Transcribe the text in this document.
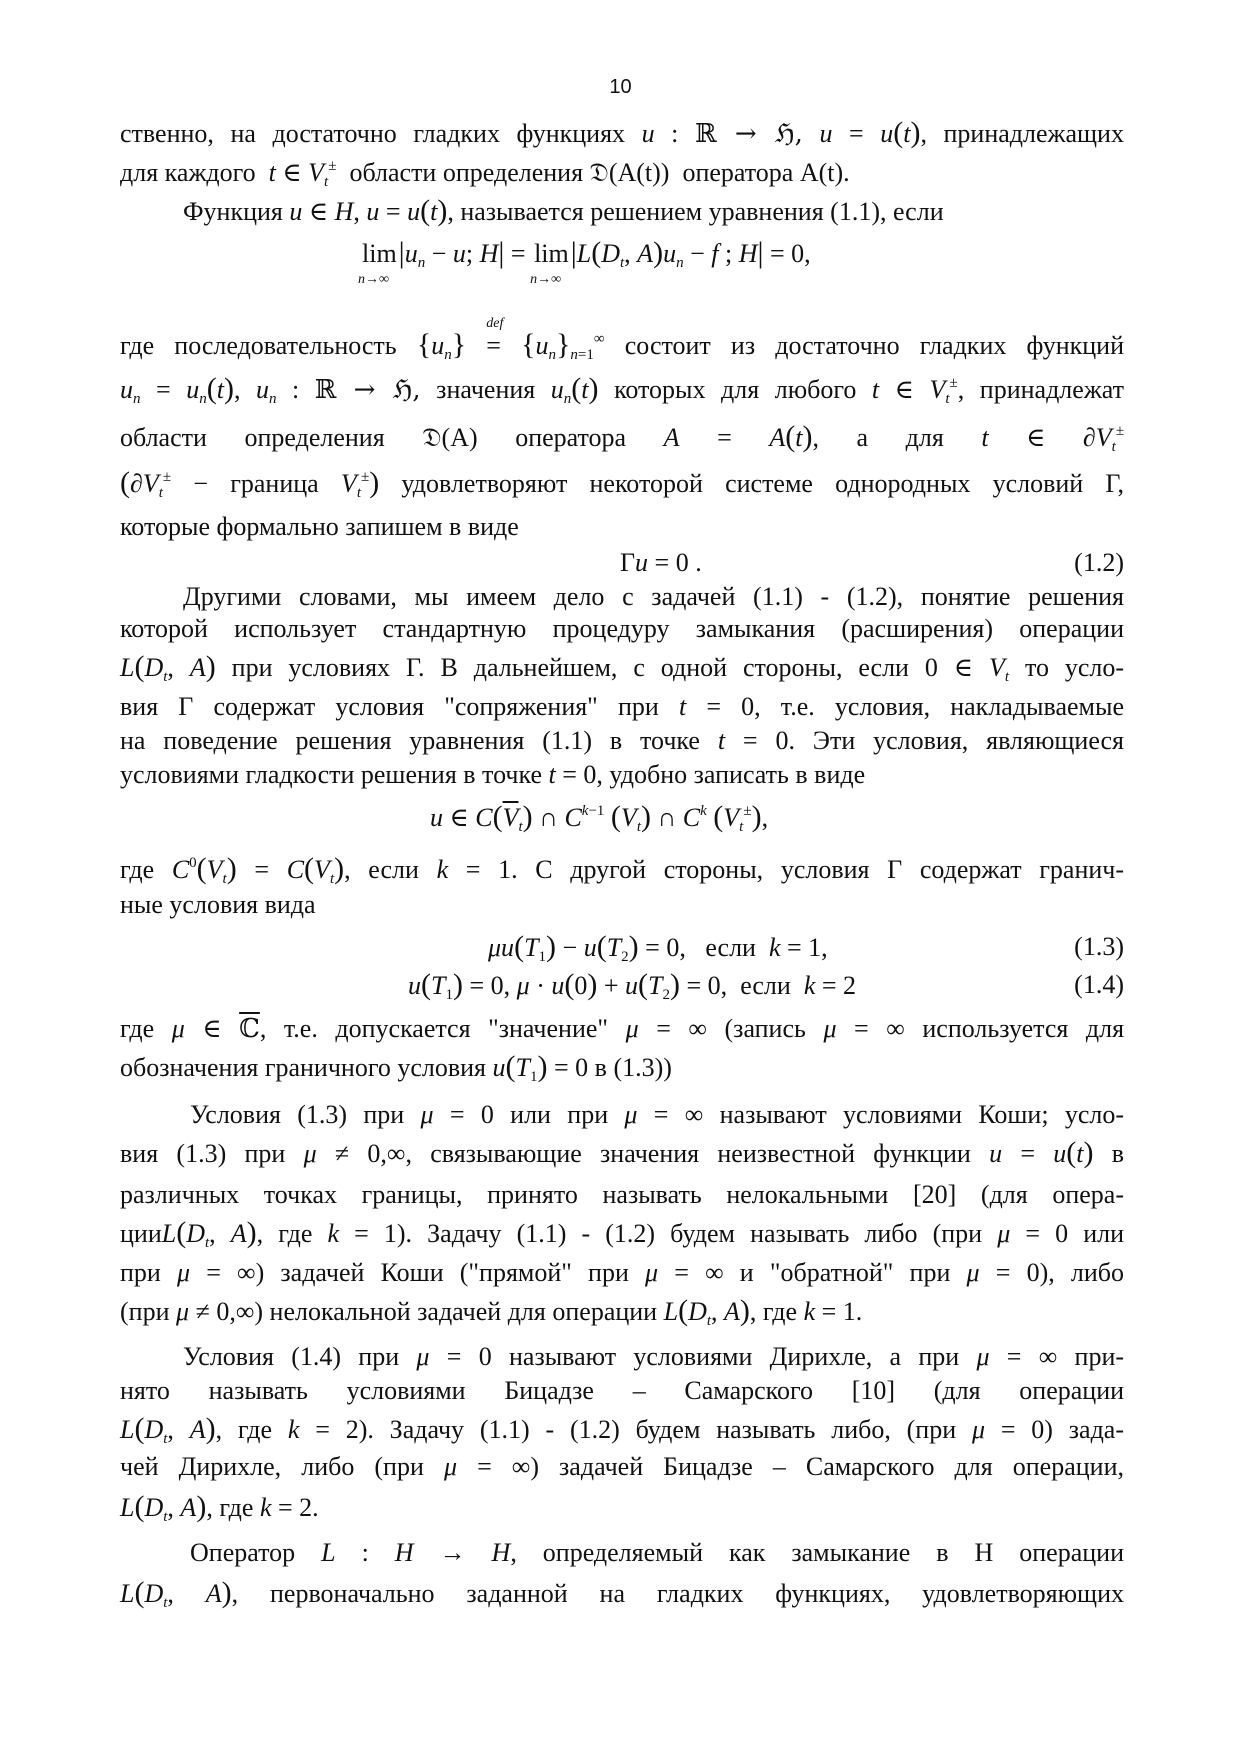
10
ственно, на достаточно гладких функциях u : ℝ → ℌ, u = u(t), принадлежащих
для каждого t ∈ $V_t^\pm$ области определения 𝔇(A(t)) оператора A(t).
Функция u ∈ H, u = u(t), называется решением уравнения (1.1), если
lim
n→∞
$|u_n - u$; H| = lim
n→∞
$|L(D_t$, $A)u_n - f$ ; H| = 0,
где последовательность $\{u_n\}$ =
def
$\{u_n\}_{n=1}^\infty$ состоит из достаточно гладких функций
$u_n = u_n(t)$, $u_n$ : ℝ → ℌ, значения $u_n(t)$ которых для любого t ∈ $V_t^\pm$, принадлежат
области определения 𝔇(A) оператора A = A(t), а для t ∈ $\partial V_t^\pm$
($\partial V_t^\pm$ − граница $V_t^\pm$) удовлетворяют некоторой системе однородных условий Г,
которые формально запишем в виде
Гu = 0 .	(1.2)
Другими словами, мы имеем дело с задачей (1.1) - (1.2), понятие решения
которой использует стандартную процедуру замыкания (расширения) операции
$L(D_t$, A) при условиях Г. В дальнейшем, с одной стороны, если 0 ∈ $V_t$ то усло-
вия Г содержат условия "сопряжения" при t = 0, т.е. условия, накладываемые
на поведение решения уравнения (1.1) в точке t = 0. Эти условия, являющиеся
условиями гладкости решения в точке t = 0, удобно записать в виде
u ∈ $C(\overline{V}_t)$ ∩ $C^{k-1}$ $(V_t)$ ∩ $C^k$ $(V_t^\pm)$,
где $C^0(V_t) = C(V_t)$, если k = 1. С другой стороны, условия Г содержат гранич-
ные условия вида
$\mu u(T_1) - u(T_2) = 0$,   если k = 1,	(1.3)
$u(T_1) = 0$, $\mu \cdot u(0) + u(T_2) = 0$,  если k = 2	(1.4)
где μ ∈ ℂ, т.е. допускается "значение" μ = ∞ (запись μ = ∞ используется для
обозначения граничного условия $u(T_1) = 0$ в (1.3))
Условия (1.3) при μ = 0 или при μ = ∞ называют условиями Коши; усло-
вия (1.3) при μ ≠ 0,∞, связывающие значения неизвестной функции u = u(t) в
различных точках границы, принято называть нелокальными [20] (для опера-
$цииL(D_t$, A), где k = 1). Задачу (1.1) - (1.2) будем называть либо (при μ = 0 или
при μ = ∞) задачей Коши ("прямой" при μ = ∞ и "обратной" при μ = 0), либо
(при μ ≠ 0,∞) нелокальной задачей для операции $L(D_t$, A), где k = 1.
Условия (1.4) при μ = 0 называют условиями Дирихле, а при μ = ∞ при-
нято называть условиями Бицадзе – Самарского [10] (для операции
$L(D_t$, A), где k = 2). Задачу (1.1) - (1.2) будем называть либо, (при μ = 0) зада-
чей Дирихле, либо (при μ = ∞) задачей Бицадзе – Самарского для операции,
$L(D_t$, A), где k = 2.
Оператор L : H → H, определяемый как замыкание в Н операции
$L(D_t$, A), первоначально заданной на гладких функциях, удовлетворяющих
